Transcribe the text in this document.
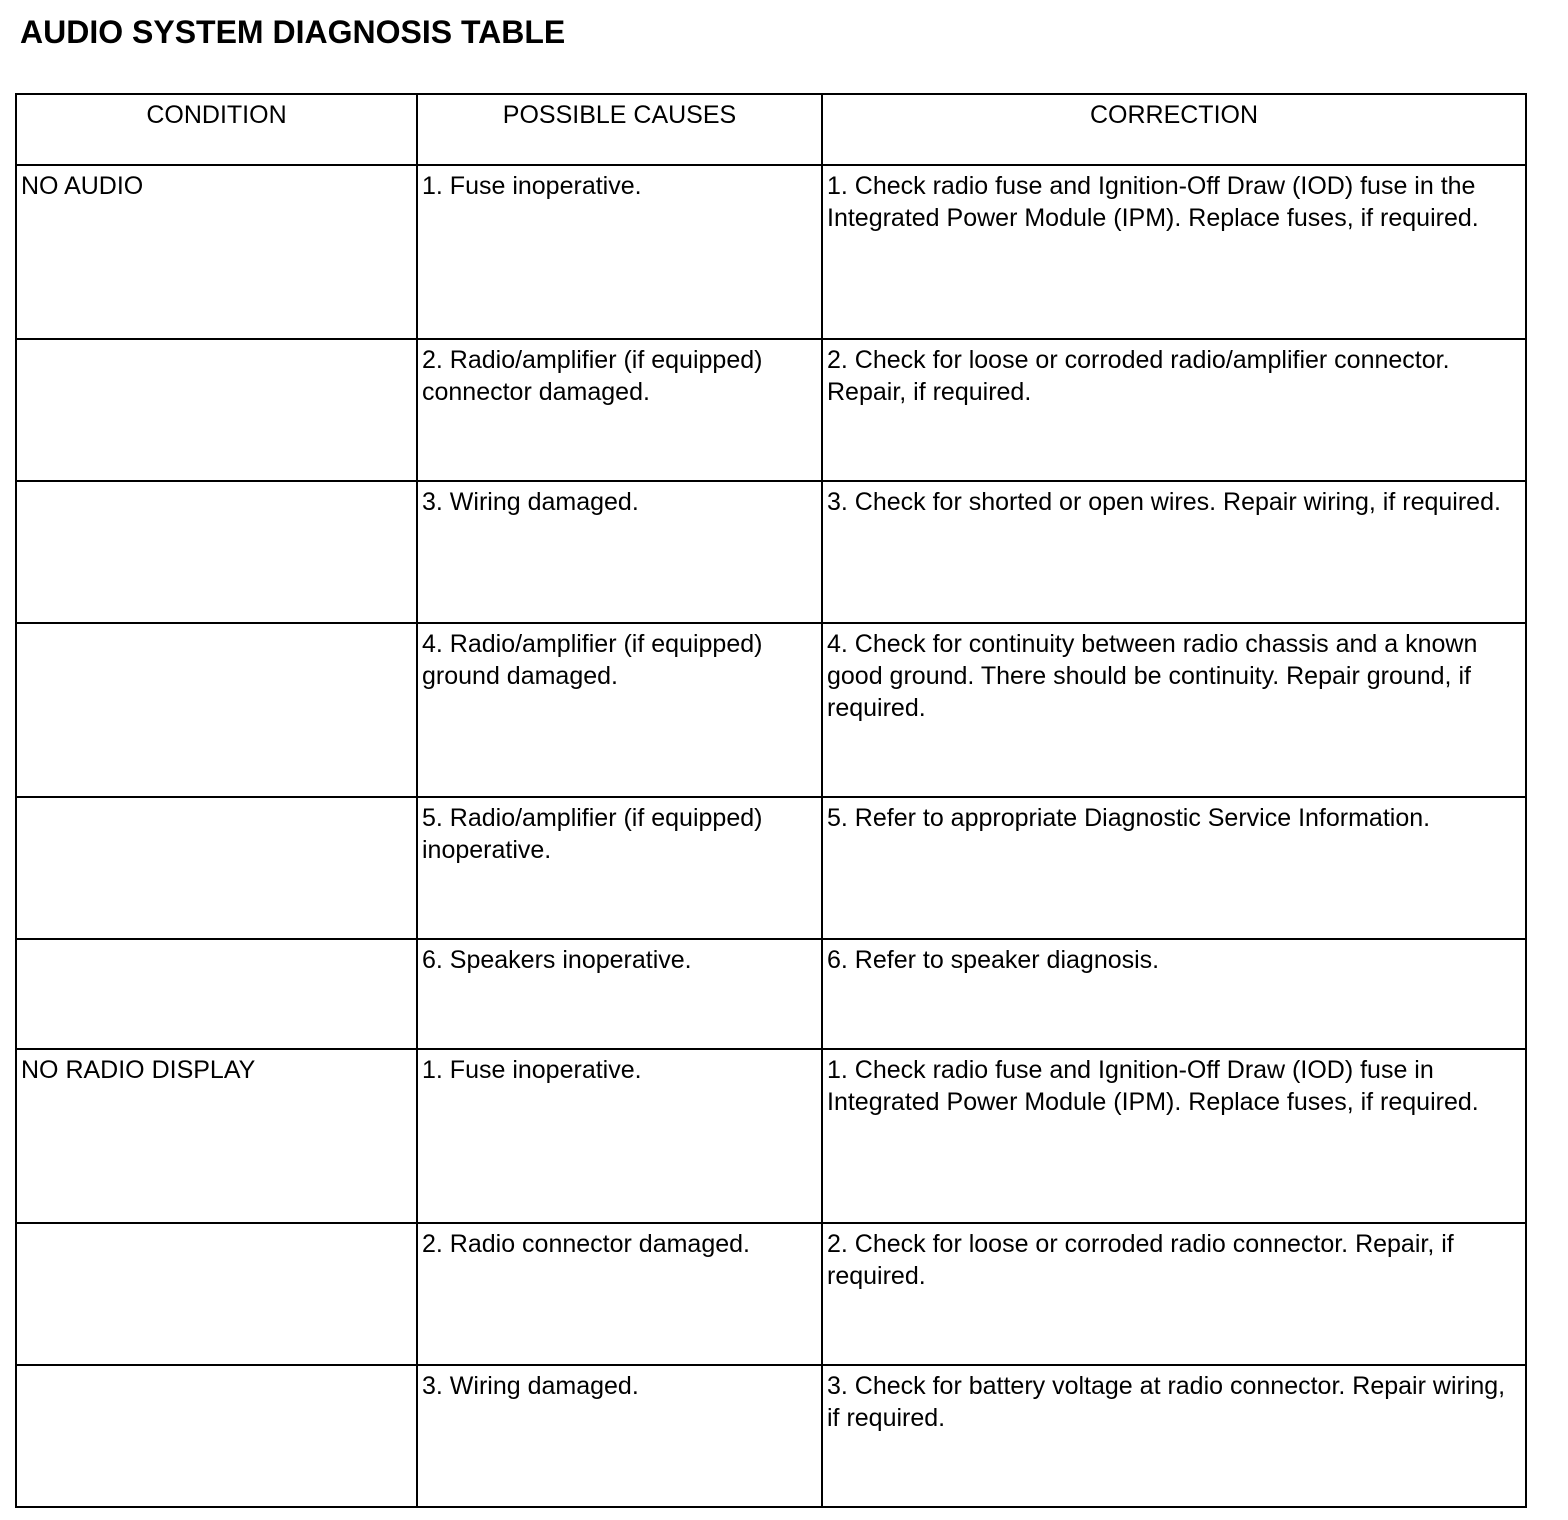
AUDIO SYSTEM DIAGNOSIS TABLE
CONDITION	POSSIBLE CAUSES	CORRECTION
NO AUDIO	1. Fuse inoperative.	1. Check radio fuse and Ignition-Off Draw (IOD) fuse in the Integrated Power Module (IPM). Replace fuses, if required.
	2. Radio/amplifier (if equipped) connector damaged.	2. Check for loose or corroded radio/amplifier connector. Repair, if required.
	3. Wiring damaged.	3. Check for shorted or open wires. Repair wiring, if required.
	4. Radio/amplifier (if equipped) ground damaged.	4. Check for continuity between radio chassis and a known good ground. There should be continuity. Repair ground, if required.
	5. Radio/amplifier (if equipped) inoperative.	5. Refer to appropriate Diagnostic Service Information.
	6. Speakers inoperative.	6. Refer to speaker diagnosis.
NO RADIO DISPLAY	1. Fuse inoperative.	1. Check radio fuse and Ignition-Off Draw (IOD) fuse in Integrated Power Module (IPM). Replace fuses, if required.
	2. Radio connector damaged.	2. Check for loose or corroded radio connector. Repair, if required.
	3. Wiring damaged.	3. Check for battery voltage at radio connector. Repair wiring, if required.
